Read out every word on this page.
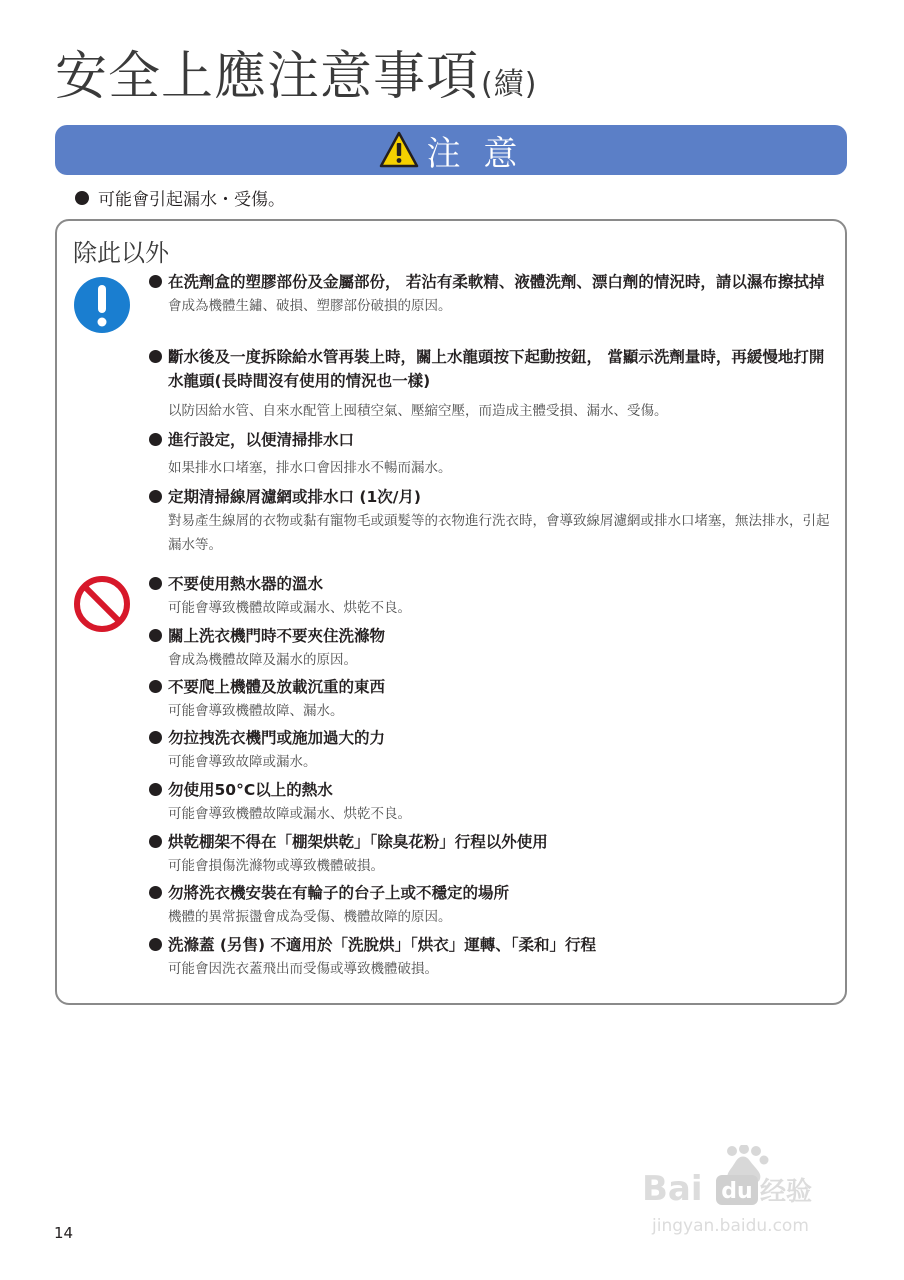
安全上應注意事項(續)
注 意
可能會引起漏水・受傷。
除此以外
在洗劑盒的塑膠部份及金屬部份， 若沾有柔軟精、液體洗劑、漂白劑的情況時，請以濕布擦拭掉
會成為機體生鏽、破損、塑膠部份破損的原因。
斷水後及一度拆除給水管再裝上時，關上水龍頭按下起動按鈕， 當顯示洗劑量時，再緩慢地打開水龍頭(長時間沒有使用的情況也一樣)
以防因給水管、自來水配管上囤積空氣、壓縮空壓，而造成主體受損、漏水、受傷。
進行設定，以便清掃排水口
如果排水口堵塞，排水口會因排水不暢而漏水。
定期清掃線屑濾網或排水口 (1次/月)
對易產生線屑的衣物或黏有寵物毛或頭髮等的衣物進行洗衣時，會導致線屑濾網或排水口堵塞，無法排水，引起漏水等。
不要使用熱水器的溫水
可能會導致機體故障或漏水、烘乾不良。
關上洗衣機門時不要夾住洗滌物
會成為機體故障及漏水的原因。
不要爬上機體及放載沉重的東西
可能會導致機體故障、漏水。
勿拉拽洗衣機門或施加過大的力
可能會導致故障或漏水。
勿使用50°C以上的熱水
可能會導致機體故障或漏水、烘乾不良。
烘乾棚架不得在「棚架烘乾」「除臭花粉」行程以外使用
可能會損傷洗滌物或導致機體破損。
勿將洗衣機安裝在有輪子的台子上或不穩定的場所
機體的異常振盪會成為受傷、機體故障的原因。
洗滌蓋 (另售) 不適用於「洗脫烘」「烘衣」運轉、「柔和」行程
可能會因洗衣蓋飛出而受傷或導致機體破損。
Bai 经验
jingyan.baidu.com
du
14
